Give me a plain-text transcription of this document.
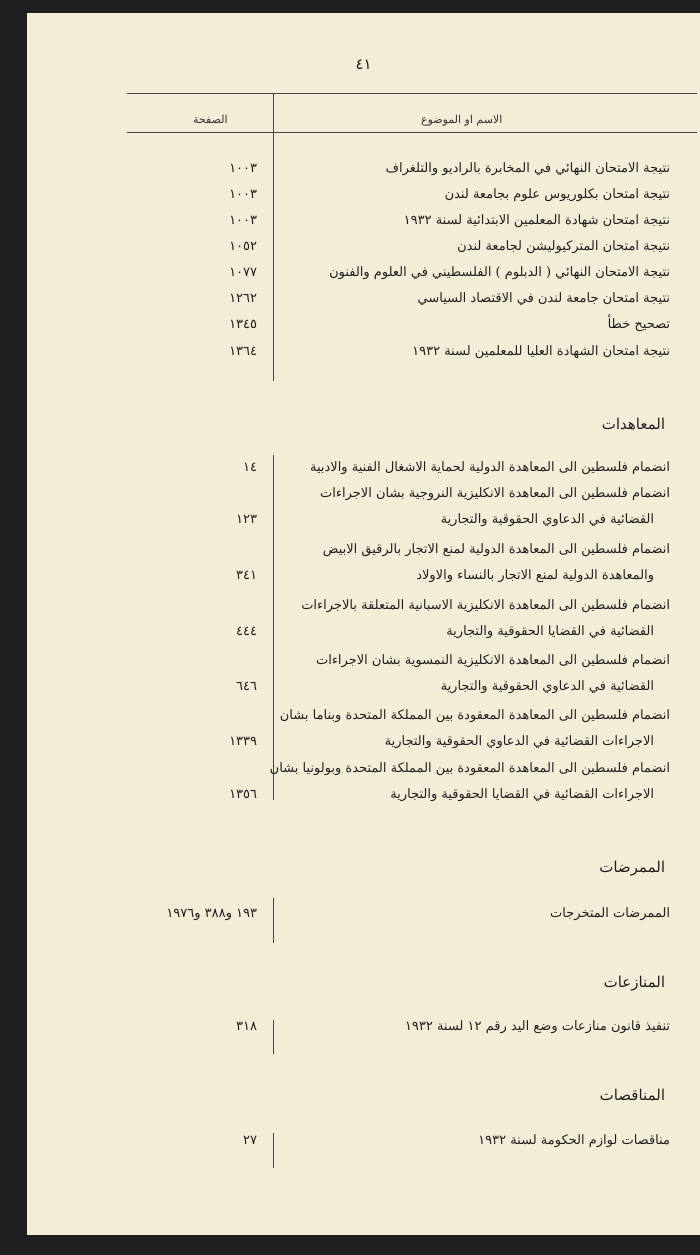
٤١
الصفحة	الاسم او الموضوع
نتيجة الامتحان النهائي في المخابرة بالراديو والتلغراف
١٠٠٣
نتيجة امتحان بكلوريوس علوم بجامعة لندن
١٠٠٣
نتيجة امتحان شهادة المعلمين الابتدائية لسنة ١٩٣٢
١٠٠٣
نتيجة امتحان المتركيوليشن لجامعة لندن
١٠٥٢
نتيجة الامتحان النهائي ( الدبلوم ) الفلسطيني في العلوم والفنون
١٠٧٧
نتيجة امتحان جامعة لندن في الاقتصاد السياسي
١٢٦٢
تصحيح خطأ
١٣٤٥
نتيجة امتحان الشهادة العليا للمعلمين لسنة ١٩٣٢
١٣٦٤
المعاهدات
انضمام فلسطين الى المعاهدة الدولية لحماية الاشغال الفنية والادبية
١٤
انضمام فلسطين الى المعاهدة الانكليزية النروجية بشان الاجراءات
القضائية في الدعاوي الحقوقية والتجارية
١٢٣
انضمام فلسطين الى المعاهدة الدولية لمنع الاتجار بالرقيق الابيض
والمعاهدة الدولية لمنع الاتجار بالنساء والاولاد
٣٤١
انضمام فلسطين الى المعاهدة الانكليزية الاسبانية المتعلقة بالاجراءات
القضائية في القضايا الحقوقية والتجارية
٤٤٤
انضمام فلسطين الى المعاهدة الانكليزية النمسوية بشان الاجراءات
القضائية في الدعاوي الحقوقية والتجارية
٦٤٦
انضمام فلسطين الى المعاهدة المعقودة بين المملكة المتحدة وبناما بشان
الاجراءات القضائية في الدعاوي الحقوقية والتجارية
١٣٣٩
انضمام فلسطين الى المعاهدة المعقودة بين المملكة المتحدة وبولونيا بشان
الاجراءات القضائية في القضايا الحقوقية والتجارية
١٣٥٦
الممرضات
الممرضات المتخرجات
١٩٣ و٣٨٨ و١٩٧٦
المنازعات
تنفيذ قانون منازعات وضع اليد رقم ١٢ لسنة ١٩٣٢
٣١٨
المناقصات
مناقصات لوازم الحكومة لسنة ١٩٣٢
٢٧
